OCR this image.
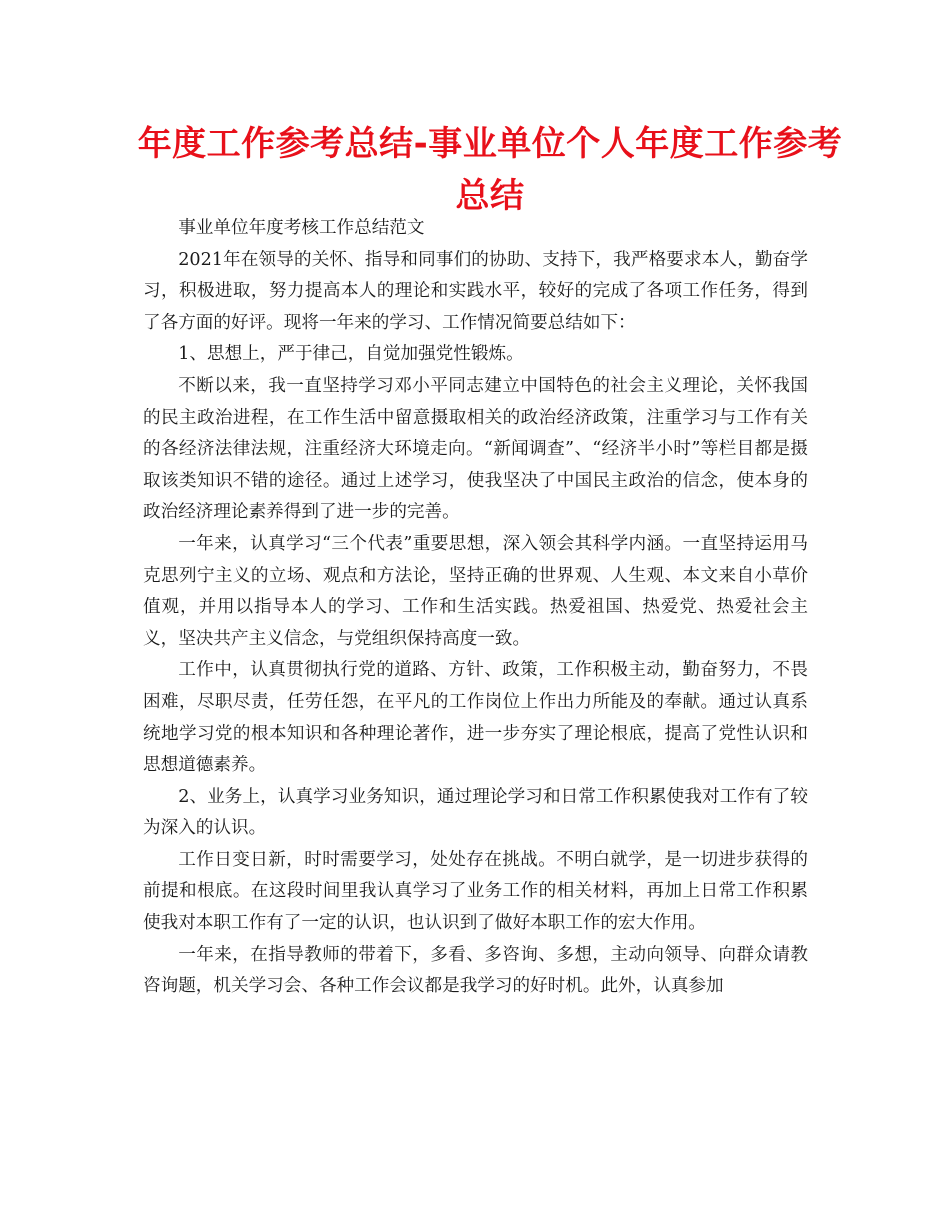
年度工作参考总结-事业单位个人年度工作参考总结

事业单位年度考核工作总结范文

2021年在领导的关怀、指导和同事们的协助、支持下，我严格要求本人，勤奋学习，积极进取，努力提高本人的理论和实践水平，较好的完成了各项工作任务，得到了各方面的好评。现将一年来的学习、工作情况简要总结如下：

1、思想上，严于律己，自觉加强党性锻炼。

不断以来，我一直坚持学习邓小平同志建立中国特色的社会主义理论，关怀我国的民主政治进程，在工作生活中留意摄取相关的政治经济政策，注重学习与工作有关的各经济法律法规，注重经济大环境走向。“新闻调查”、“经济半小时”等栏目都是摄取该类知识不错的途径。通过上述学习，使我坚决了中国民主政治的信念，使本身的政治经济理论素养得到了进一步的完善。

一年来，认真学习“三个代表”重要思想，深入领会其科学内涵。一直坚持运用马克思列宁主义的立场、观点和方法论，坚持正确的世界观、人生观、本文来自小草价值观，并用以指导本人的学习、工作和生活实践。热爱祖国、热爱党、热爱社会主义，坚决共产主义信念，与党组织保持高度一致。

工作中，认真贯彻执行党的道路、方针、政策，工作积极主动，勤奋努力，不畏困难，尽职尽责，任劳任怨，在平凡的工作岗位上作出力所能及的奉献。通过认真系统地学习党的根本知识和各种理论著作，进一步夯实了理论根底，提高了党性认识和思想道德素养。

2、业务上，认真学习业务知识，通过理论学习和日常工作积累使我对工作有了较为深入的认识。

工作日变日新，时时需要学习，处处存在挑战。不明白就学，是一切进步获得的前提和根底。在这段时间里我认真学习了业务工作的相关材料，再加上日常工作积累使我对本职工作有了一定的认识，也认识到了做好本职工作的宏大作用。

一年来，在指导教师的带着下，多看、多咨询、多想，主动向领导、向群众请教咨询题，机关学习会、各种工作会议都是我学习的好时机。此外，认真参加
